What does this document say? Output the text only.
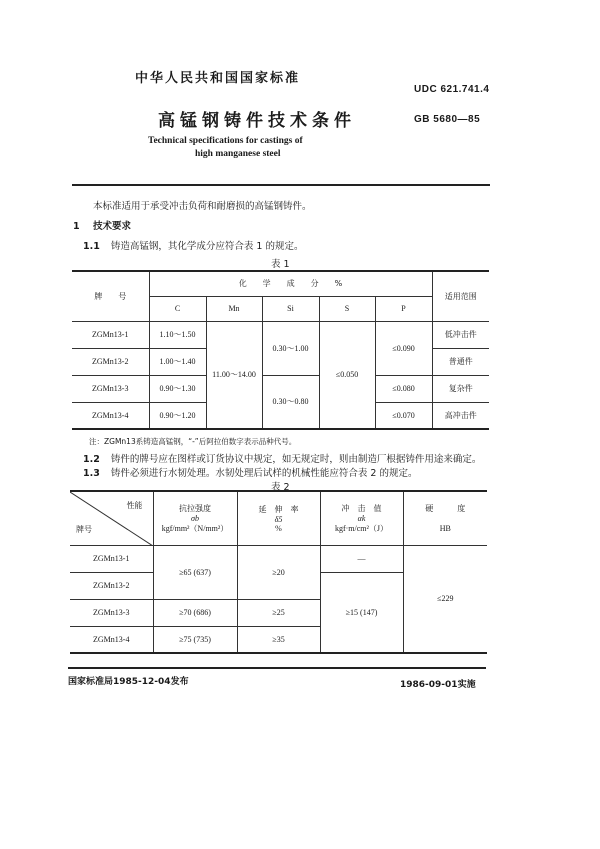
中华人民共和国国家标准
UDC 621.741.4
高锰钢铸件技术条件	GB 5680—85
Technical specifications for castings of
high manganese steel
本标准适用于承受冲击负荷和耐磨损的高锰钢铸件。
1 技术要求
1.1 铸造高锰钢，其化学成分应符合表 1 的规定。
表 1
牌　　号	化　　学　　成　　分　　%					适用范围
	C	Mn	Si	S	P	
ZGMn13-1	1.10～1.50	11.00～14.00	0.30～1.00	≤0.050	≤0.090	低冲击件
ZGMn13-2	1.00～1.40					普通件
ZGMn13-3	0.90～1.30		0.30～0.80		≤0.080	复杂件
ZGMn13-4	0.90～1.20				≤0.070	高冲击件
注：ZGMn13系铸造高锰钢，“-”后阿拉伯数字表示品种代号。
1.2 铸件的牌号应在图样或订货协议中规定，如无规定时，则由制造厂根据铸件用途来确定。
1.3 铸件必须进行水韧处理。水韧处理后试样的机械性能应符合表 2 的规定。
表 2
性能
牌号

抗拉强度
σb
kgf/mm²（N/mm²）

延　伸　率
δ5
%

冲　击　值
αk
kgf·m/cm²（J）

硬　　　度
HB

ZGMn13-1	≥65 (637)	≥20	—	≤229
ZGMn13-2			≥15 (147)	
ZGMn13-3	≥70 (686)	≥25		
ZGMn13-4	≥75 (735)	≥35		
国家标准局1985-12-04发布	1986-09-01实施
